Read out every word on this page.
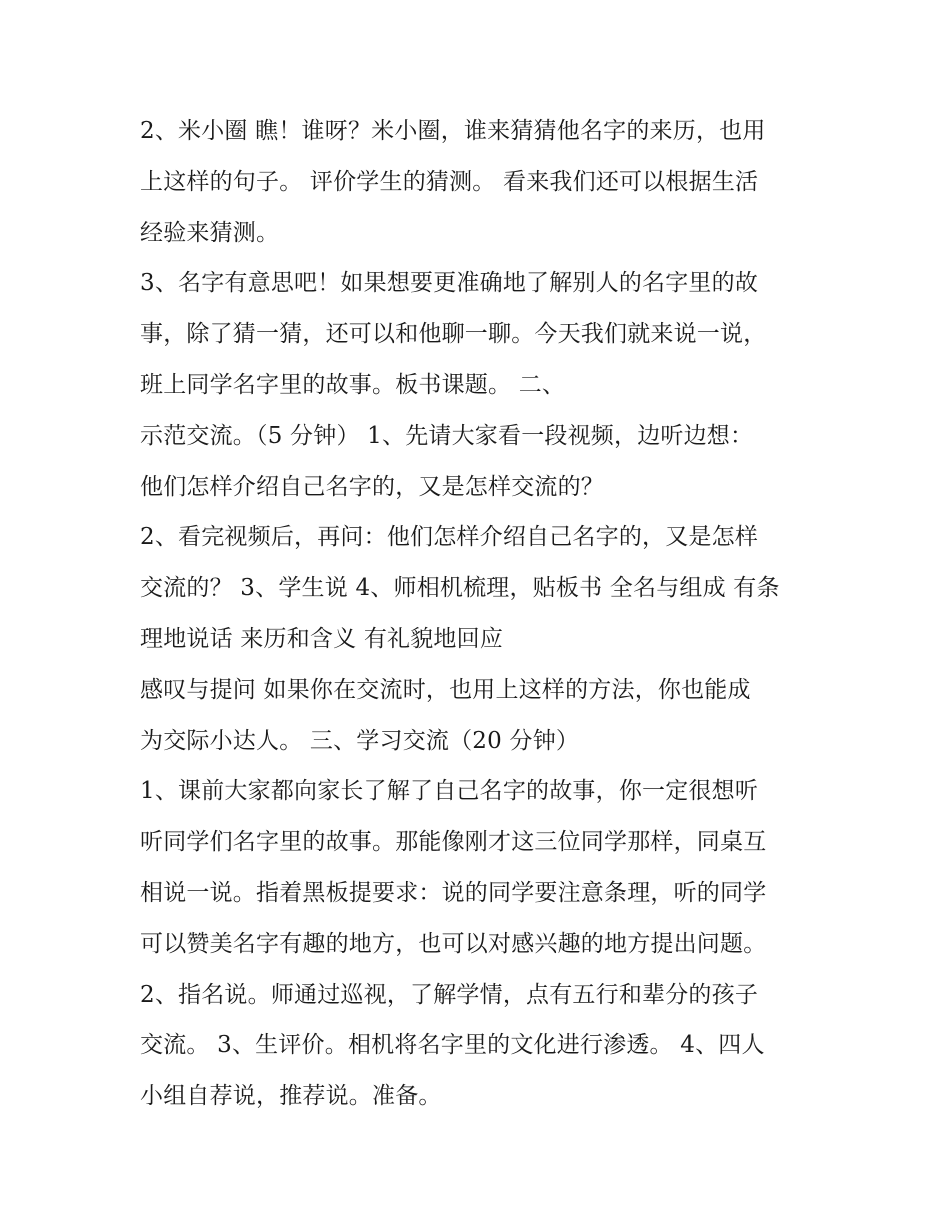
2、米小圈 瞧！谁呀？米小圈，谁来猜猜他名字的来历，也用
上这样的句子。 评价学生的猜测。 看来我们还可以根据生活
经验来猜测。
3、名字有意思吧！如果想要更准确地了解别人的名字里的故
事，除了猜一猜，还可以和他聊一聊。今天我们就来说一说，
班上同学名字里的故事。板书课题。 二、
示范交流。（5 分钟） 1、先请大家看一段视频，边听边想：
他们怎样介绍自己名字的，又是怎样交流的？
2、看完视频后，再问：他们怎样介绍自己名字的，又是怎样
交流的？ 3、学生说 4、师相机梳理，贴板书 全名与组成 有条
理地说话 来历和含义 有礼貌地回应
感叹与提问 如果你在交流时，也用上这样的方法，你也能成
为交际小达人。 三、学习交流（20 分钟）
1、课前大家都向家长了解了自己名字的故事，你一定很想听
听同学们名字里的故事。那能像刚才这三位同学那样，同桌互
相说一说。指着黑板提要求：说的同学要注意条理，听的同学
可以赞美名字有趣的地方，也可以对感兴趣的地方提出问题。
2、指名说。师通过巡视，了解学情，点有五行和辈分的孩子
交流。 3、生评价。相机将名字里的文化进行渗透。 4、四人
小组自荐说，推荐说。准备。
